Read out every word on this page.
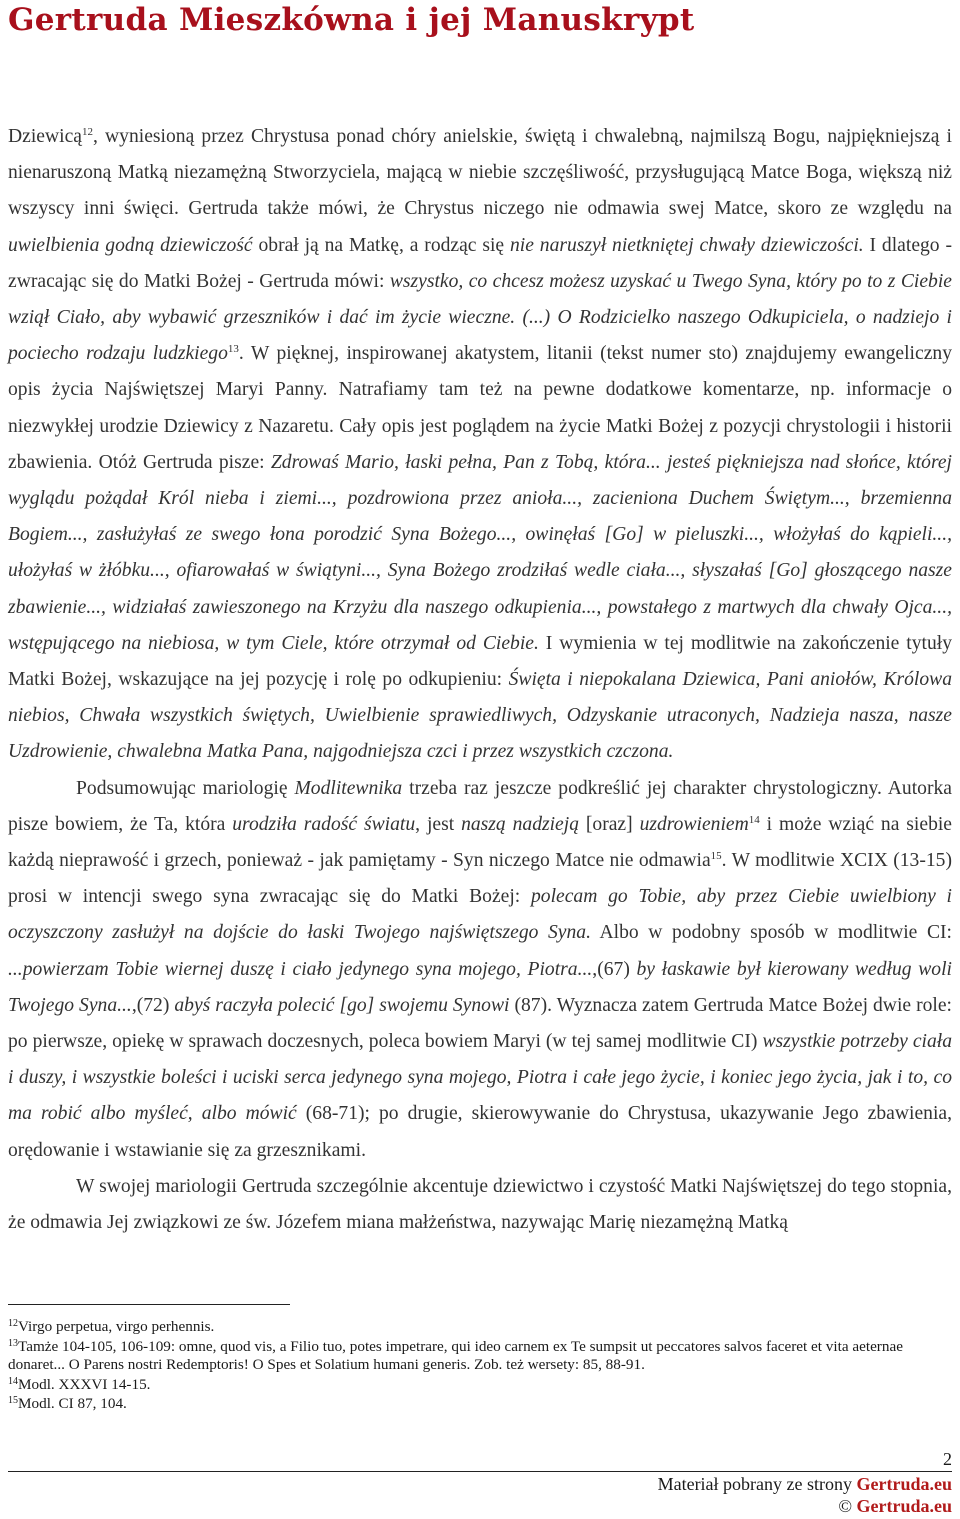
Gertruda Mieszkówna i jej Manuskrypt

Dziewicą$^{12}$, wyniesioną przez Chrystusa ponad chóry anielskie, świętą i chwalebną, najmilszą Bogu, najpiękniejszą i nienaruszoną Matką niezamężną Stworzyciela, mającą w niebie szczęśliwość, przysługującą Matce Boga, większą niż wszyscy inni święci. Gertruda także mówi, że Chrystus niczego nie odmawia swej Matce, skoro ze względu na uwielbienia godną dziewiczość obrał ją na Matkę, a rodząc się nie naruszył nietkniętej chwały dziewiczości. I dlatego - zwracając się do Matki Bożej - Gertruda mówi: wszystko, co chcesz możesz uzyskać u Twego Syna, który po to z Ciebie wziął Ciało, aby wybawić grzeszników i dać im życie wieczne. (...) O Rodzicielko naszego Odkupiciela, o nadziejo i pociecho rodzaju ludzkiego$^{13}$. W pięknej, inspirowanej akatystem, litanii (tekst numer sto) znajdujemy ewangeliczny opis życia Najświętszej Maryi Panny. Natrafiamy tam też na pewne dodatkowe komentarze, np. informacje o niezwykłej urodzie Dziewicy z Nazaretu. Cały opis jest poglądem na życie Matki Bożej z pozycji chrystologii i historii zbawienia. Otóż Gertruda pisze: Zdrowaś Mario, łaski pełna, Pan z Tobą, która... jesteś piękniejsza nad słońce, której wyglądu pożądał Król nieba i ziemi..., pozdrowiona przez anioła..., zacieniona Duchem Świętym..., brzemienna Bogiem..., zasłużyłaś ze swego łona porodzić Syna Bożego..., owinęłaś [Go] w pieluszki..., włożyłaś do kąpieli..., ułożyłaś w żłóbku..., ofiarowałaś w świątyni..., Syna Bożego zrodziłaś wedle ciała..., słyszałaś [Go] głoszącego nasze zbawienie..., widziałaś zawieszonego na Krzyżu dla naszego odkupienia..., powstałego z martwych dla chwały Ojca..., wstępującego na niebiosa, w tym Ciele, które otrzymał od Ciebie. I wymienia w tej modlitwie na zakończenie tytuły Matki Bożej, wskazujące na jej pozycję i rolę po odkupieniu: Święta i niepokalana Dziewica, Pani aniołów, Królowa niebios, Chwała wszystkich świętych, Uwielbienie sprawiedliwych, Odzyskanie utraconych, Nadzieja nasza, nasze Uzdrowienie, chwalebna Matka Pana, najgodniejsza czci i przez wszystkich czczona.

Podsumowując mariologię Modlitewnika trzeba raz jeszcze podkreślić jej charakter chrystologiczny. Autorka pisze bowiem, że Ta, która urodziła radość światu, jest naszą nadzieją [oraz] uzdrowieniem$^{14}$ i może wziąć na siebie każdą nieprawość i grzech, ponieważ - jak pamiętamy - Syn niczego Matce nie odmawia$^{15}$. W modlitwie XCIX (13-15) prosi w intencji swego syna zwracając się do Matki Bożej: polecam go Tobie, aby przez Ciebie uwielbiony i oczyszczony zasłużył na dojście do łaski Twojego najświętszego Syna. Albo w podobny sposób w modlitwie CI: ...powierzam Tobie wiernej duszę i ciało jedynego syna mojego, Piotra...,(67) by łaskawie był kierowany według woli Twojego Syna...,(72) abyś raczyła polecić [go] swojemu Synowi (87). Wyznacza zatem Gertruda Matce Bożej dwie role: po pierwsze, opiekę w sprawach doczesnych, poleca bowiem Maryi (w tej samej modlitwie CI) wszystkie potrzeby ciała i duszy, i wszystkie boleści i uciski serca jedynego syna mojego, Piotra i całe jego życie, i koniec jego życia, jak i to, co ma robić albo myśleć, albo mówić (68-71); po drugie, skierowywanie do Chrystusa, ukazywanie Jego zbawienia, orędowanie i wstawianie się za grzesznikami.

W swojej mariologii Gertruda szczególnie akcentuje dziewictwo i czystość Matki Najświętszej do tego stopnia, że odmawia Jej związkowi ze św. Józefem miana małżeństwa, nazywając Marię niezamężną Matką

$^{12}$Virgo perpetua, virgo perhennis.
$^{13}$Tamże 104-105, 106-109: omne, quod vis, a Filio tuo, potes impetrare, qui ideo carnem ex Te sumpsit ut peccatores salvos faceret et vita aeternae donaret... O Parens nostri Redemptoris! O Spes et Solatium humani generis. Zob. też wersety: 85, 88-91.
$^{14}$Modl. XXXVI 14-15.
$^{15}$Modl. CI 87, 104.
2
Materiał pobrany ze strony Gertruda.eu
© Gertruda.eu
